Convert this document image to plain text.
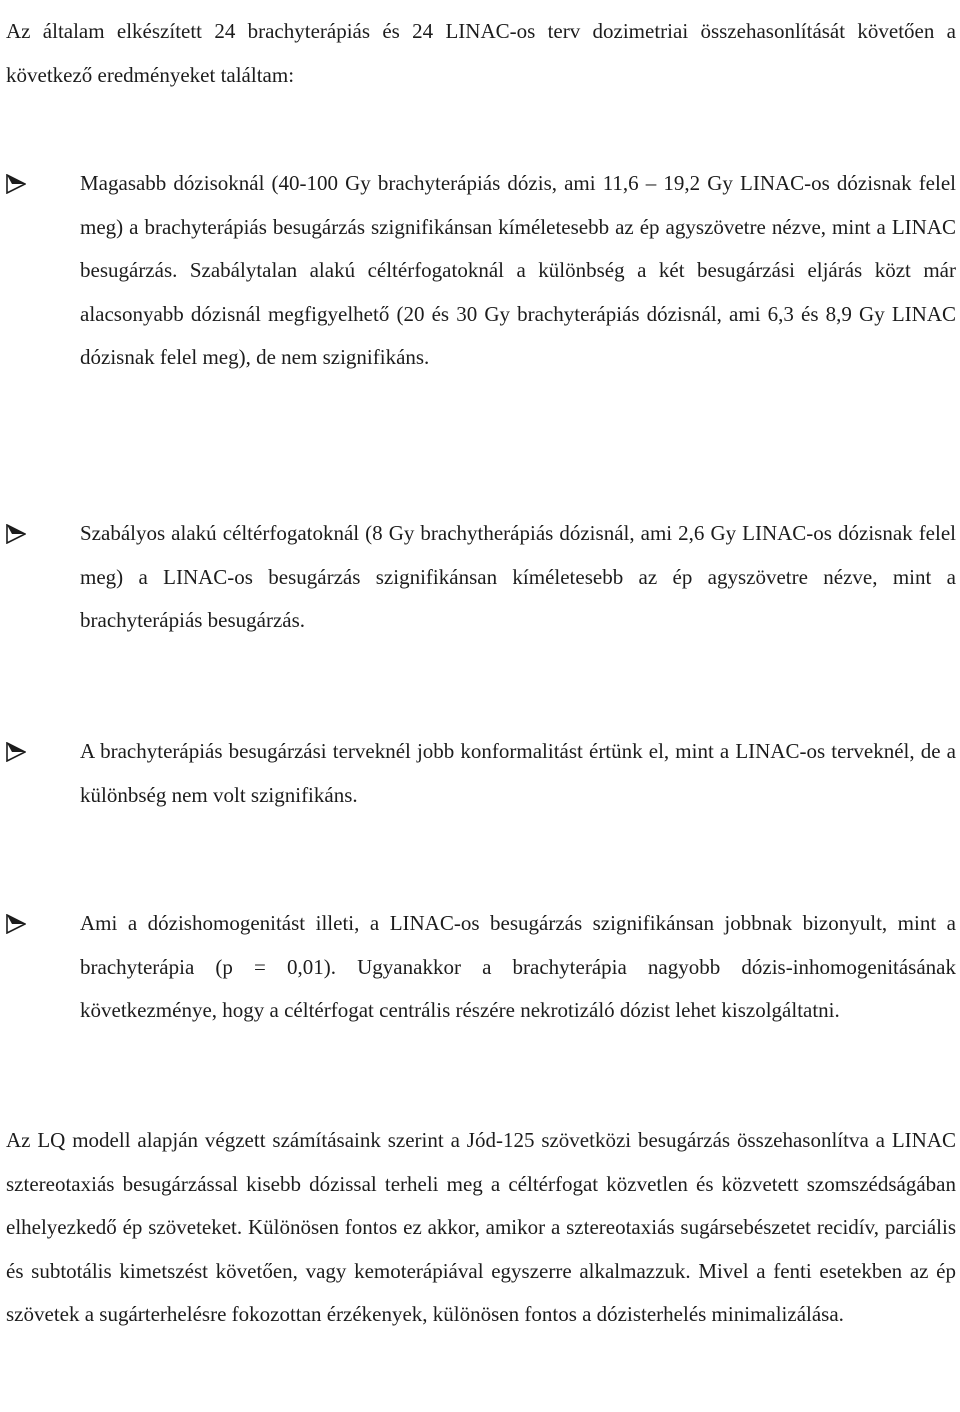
Az általam elkészített 24 brachyterápiás és 24 LINAC-os terv dozimetriai összehasonlítását követően a következő eredményeket találtam:

Magasabb dózisoknál (40-100 Gy brachyterápiás dózis, ami 11,6 – 19,2 Gy LINAC-os dózisnak felel meg) a brachyterápiás besugárzás szignifikánsan kíméletesebb az ép agyszövetre nézve, mint a LINAC besugárzás. Szabálytalan alakú céltérfogatoknál a különbség a két besugárzási eljárás közt már alacsonyabb dózisnál megfigyelhető (20 és 30 Gy brachyterápiás dózisnál, ami 6,3 és 8,9 Gy LINAC dózisnak felel meg), de nem szignifikáns.

Szabályos alakú céltérfogatoknál (8 Gy brachytherápiás dózisnál, ami 2,6 Gy LINAC-os dózisnak felel meg) a LINAC-os besugárzás szignifikánsan kíméletesebb az ép agyszövetre nézve, mint a brachyterápiás besugárzás.

A brachyterápiás besugárzási terveknél jobb konformalitást értünk el, mint a LINAC-os terveknél, de a különbség nem volt szignifikáns.

Ami a dózishomogenitást illeti, a LINAC-os besugárzás szignifikánsan jobbnak bizonyult, mint a brachyterápia (p = 0,01). Ugyanakkor a brachyterápia nagyobb dózis-inhomogenitásának következménye, hogy a céltérfogat centrális részére nekrotizáló dózist lehet kiszolgáltatni.

Az LQ modell alapján végzett számításaink szerint a Jód-125 szövetközi besugárzás összehasonlítva a LINAC sztereotaxiás besugárzással kisebb dózissal terheli meg a céltérfogat közvetlen és közvetett szomszédságában elhelyezkedő ép szöveteket. Különösen fontos ez akkor, amikor a sztereotaxiás sugársebészetet recidív, parciális és subtotális kimetszést követően, vagy kemoterápiával egyszerre alkalmazzuk. Mivel a fenti esetekben az ép szövetek a sugárterhelésre fokozottan érzékenyek, különösen fontos a dózisterhelés minimalizálása.
